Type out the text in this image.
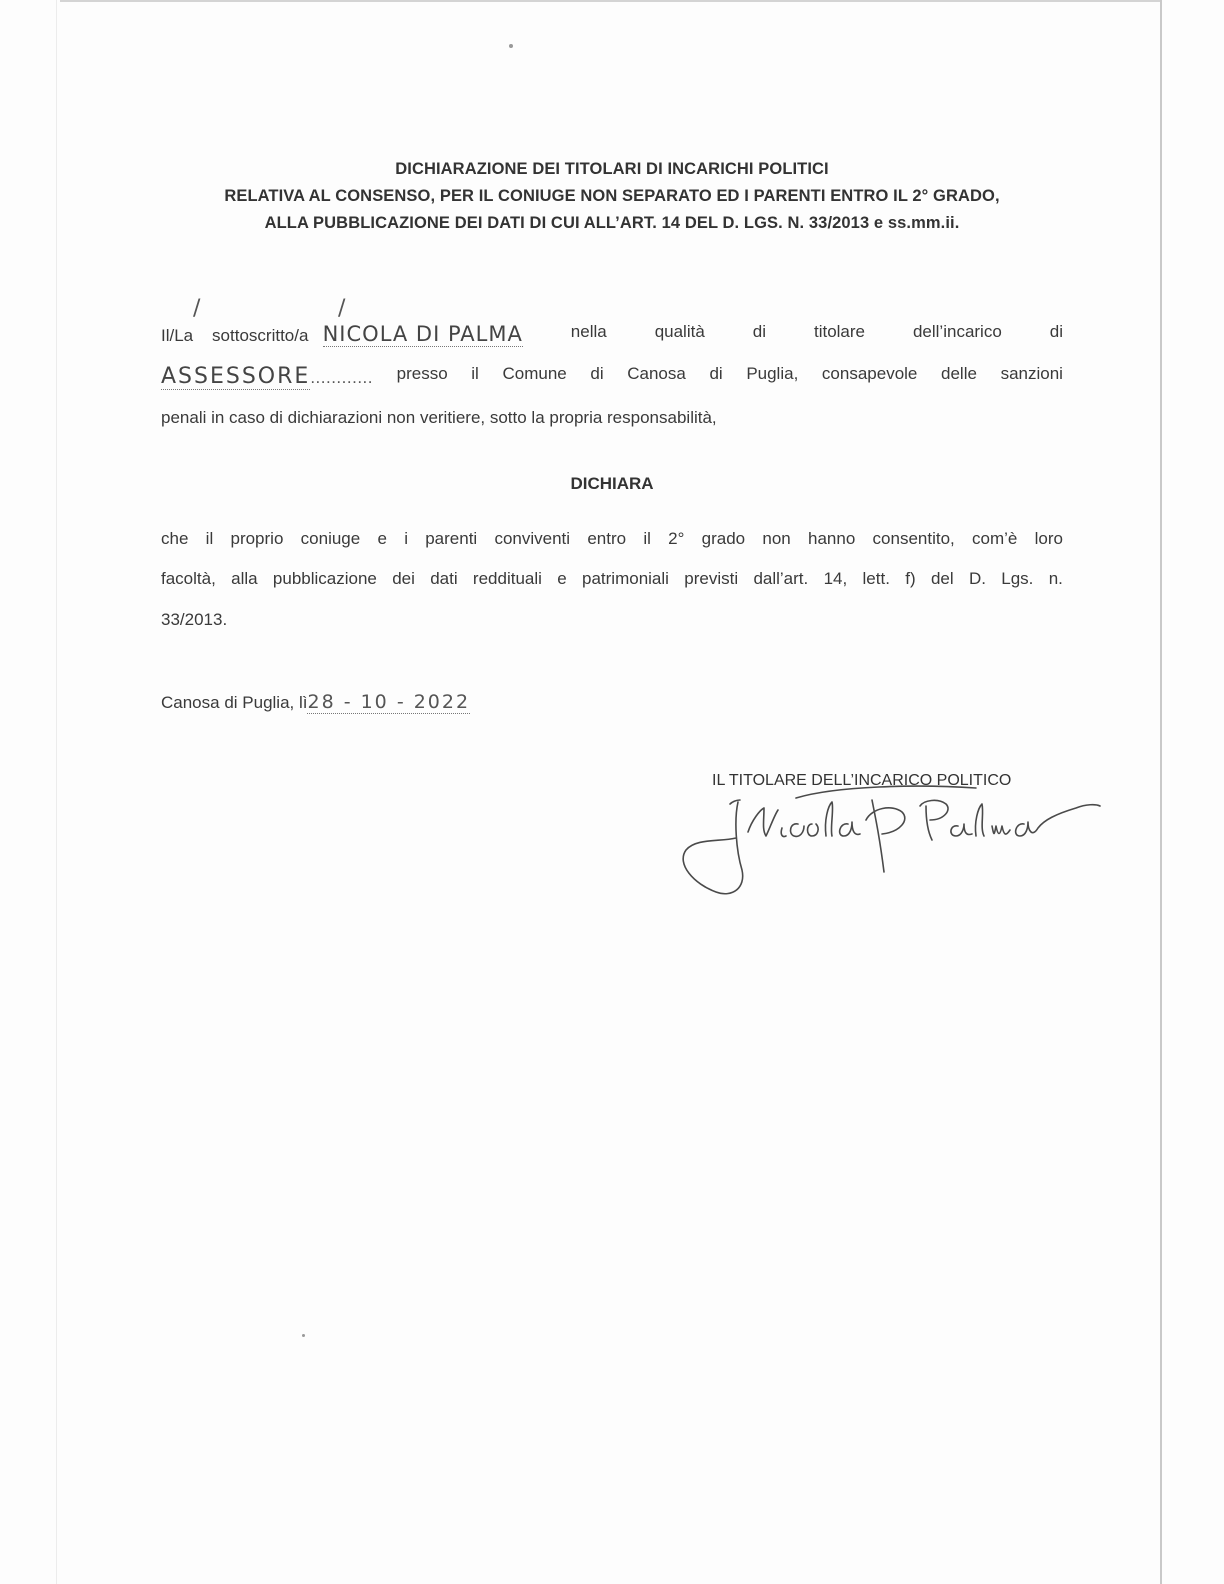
DICHIARAZIONE DEI TITOLARI DI INCARICHI POLITICI
RELATIVA AL CONSENSO, PER IL CONIUGE NON SEPARATO ED I PARENTI ENTRO IL 2° GRADO,
ALLA PUBBLICAZIONE DEI DATI DI CUI ALL’ART. 14 DEL D. LGS. N. 33/2013 e ss.mm.ii.
Il/La sottoscritto/a NICOLA DI PALMA	nella	qualità	di	titolare	dell’incarico	di
/	/
ASSESSORE............ presso il Comune di Canosa di Puglia, consapevole delle sanzioni
penali in caso di dichiarazioni non veritiere, sotto la propria responsabilità,
DICHIARA
che il proprio coniuge e i parenti conviventi entro il 2° grado non hanno consentito, com’è loro
facoltà, alla pubblicazione dei dati reddituali e patrimoniali previsti dall’art. 14, lett. f) del D. Lgs. n.
33/2013.
Canosa di Puglia, lì28 - 10 - 2022
IL TITOLARE DELL’INCARICO POLITICO
